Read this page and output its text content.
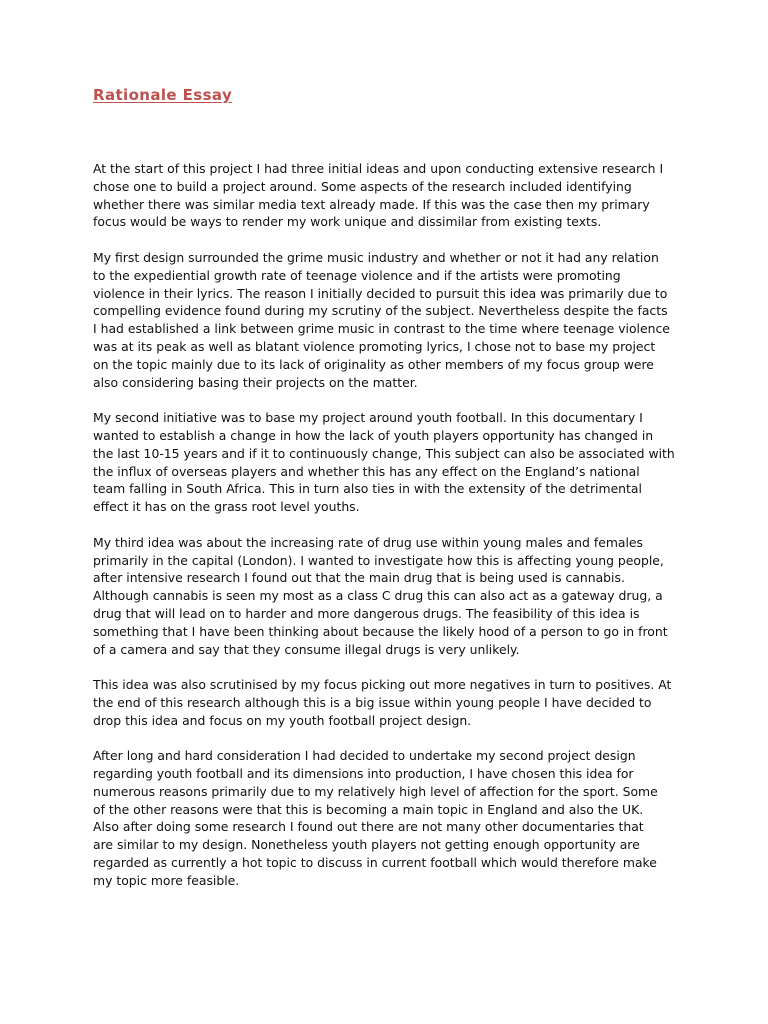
Rationale Essay

At the start of this project I had three initial ideas and upon conducting extensive research I
chose one to build a project around. Some aspects of the research included identifying
whether there was similar media text already made. If this was the case then my primary
focus would be ways to render my work unique and dissimilar from existing texts.

My first design surrounded the grime music industry and whether or not it had any relation
to the expediential growth rate of teenage violence and if the artists were promoting
violence in their lyrics. The reason I initially decided to pursuit this idea was primarily due to
compelling evidence found during my scrutiny of the subject. Nevertheless despite the facts
I had established a link between grime music in contrast to the time where teenage violence
was at its peak as well as blatant violence promoting lyrics, I chose not to base my project
on the topic mainly due to its lack of originality as other members of my focus group were
also considering basing their projects on the matter.

My second initiative was to base my project around youth football. In this documentary I
wanted to establish a change in how the lack of youth players opportunity has changed in
the last 10-15 years and if it to continuously change, This subject can also be associated with
the influx of overseas players and whether this has any effect on the England’s national
team falling in South Africa. This in turn also ties in with the extensity of the detrimental
effect it has on the grass root level youths.

My third idea was about the increasing rate of drug use within young males and females
primarily in the capital (London). I wanted to investigate how this is affecting young people,
after intensive research I found out that the main drug that is being used is cannabis.
Although cannabis is seen my most as a class C drug this can also act as a gateway drug, a
drug that will lead on to harder and more dangerous drugs. The feasibility of this idea is
something that I have been thinking about because the likely hood of a person to go in front
of a camera and say that they consume illegal drugs is very unlikely.

This idea was also scrutinised by my focus picking out more negatives in turn to positives. At
the end of this research although this is a big issue within young people I have decided to
drop this idea and focus on my youth football project design.

After long and hard consideration I had decided to undertake my second project design
regarding youth football and its dimensions into production, I have chosen this idea for
numerous reasons primarily due to my relatively high level of affection for the sport. Some
of the other reasons were that this is becoming a main topic in England and also the UK.
Also after doing some research I found out there are not many other documentaries that
are similar to my design. Nonetheless youth players not getting enough opportunity are
regarded as currently a hot topic to discuss in current football which would therefore make
my topic more feasible.
